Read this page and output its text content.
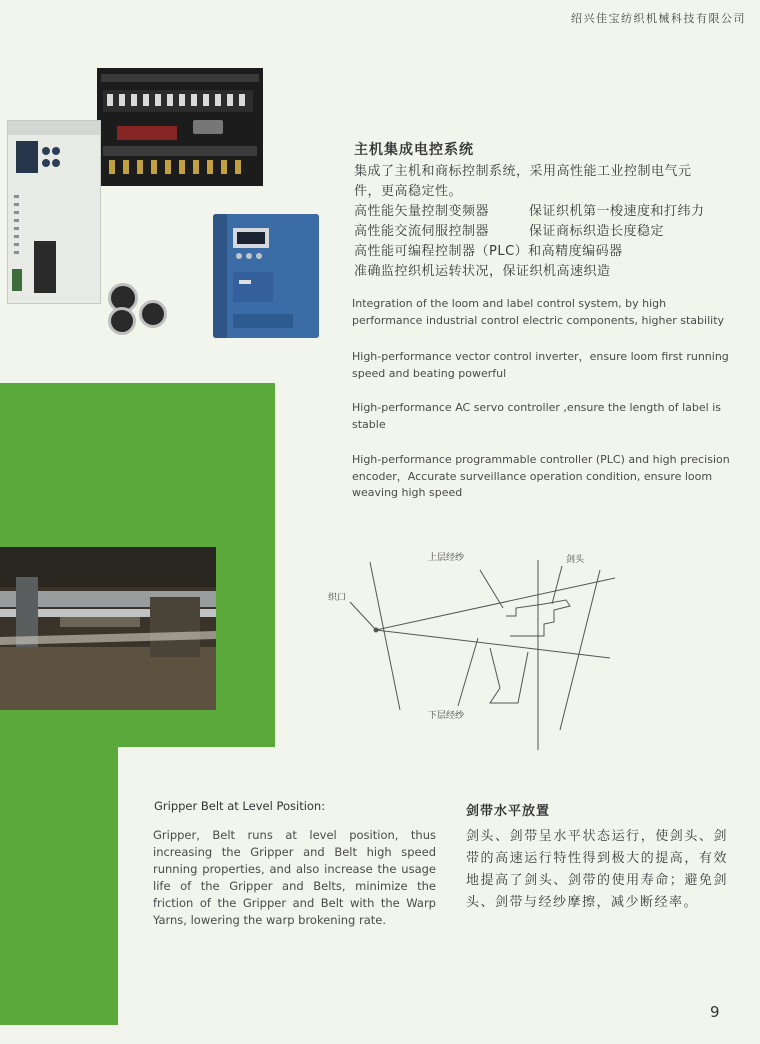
绍兴佳宝纺织机械科技有限公司
主机集成电控系统
集成了主机和商标控制系统，采用高性能工业控制电气元
件，更高稳定性。
高性能矢量控制变频器	保证织机第一梭速度和打纬力
高性能交流伺服控制器	保证商标织造长度稳定
高性能可编程控制器（PLC）和高精度编码器
准确监控织机运转状况，保证织机高速织造
Integration of the loom and label control system, by high performance industrial control electric components, higher stability
High-performance vector control inverter，ensure loom first running speed and beating powerful
High-performance AC servo controller ,ensure the length of label is stable
High-performance programmable controller (PLC) and high precision encoder，Accurate surveillance operation condition, ensure loom weaving high speed
上层经纱	剑头
织口
下层经纱
Gripper Belt at Level Position:
Gripper, Belt runs at level position, thus increasing the Gripper and Belt high speed running properties, and also increase the usage life of the Gripper and Belts, minimize the friction of the Gripper and Belt with the Warp Yarns, lowering the warp brokening rate.
剑带水平放置
剑头、剑带呈水平状态运行，使剑头、剑带的高速运行特性得到极大的提高，有效地提高了剑头、剑带的使用寿命；避免剑头、剑带与经纱摩擦，减少断经率。
9
